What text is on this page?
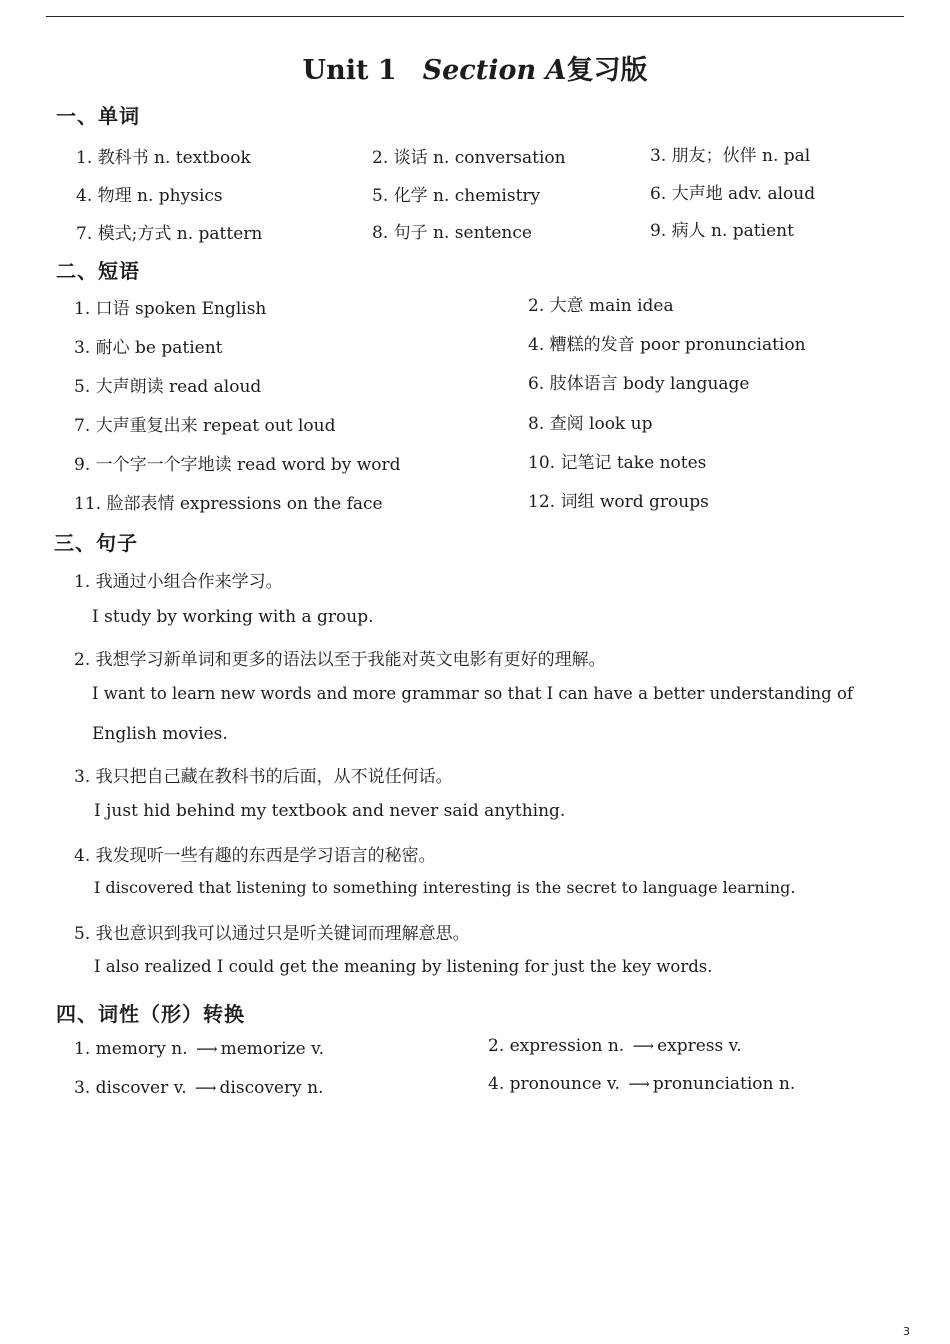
Unit 1 Section A复习版
一、单词
1. 教科书 n. textbook	2. 谈话 n. conversation	3. 朋友；伙伴 n. pal
4. 物理 n. physics	5. 化学 n. chemistry	6. 大声地 adv. aloud
7. 模式;方式 n. pattern	8. 句子 n. sentence	9. 病人 n. patient
二、短语
1. 口语 spoken English	2. 大意 main idea
3. 耐心 be patient	4. 糟糕的发音 poor pronunciation
5. 大声朗读 read aloud	6. 肢体语言 body language
7. 大声重复出来 repeat out loud	8. 查阅 look up
9. 一个字一个字地读 read word by word	10. 记笔记 take notes
11. 脸部表情 expressions on the face	12. 词组 word groups
三、句子
1. 我通过小组合作来学习。
I study by working with a group.
2. 我想学习新单词和更多的语法以至于我能对英文电影有更好的理解。
I want to learn new words and more grammar so that I can have a better understanding of
English movies.
3. 我只把自己藏在教科书的后面，从不说任何话。
I just hid behind my textbook and never said anything.
4. 我发现听一些有趣的东西是学习语言的秘密。
I discovered that listening to something interesting is the secret to language learning.
5. 我也意识到我可以通过只是听关键词而理解意思。
I also realized I could get the meaning by listening for just the key words.
四、词性（形）转换
1. memory n. ⟶ memorize v.	2. expression n. ⟶ express v.
3. discover v. ⟶ discovery n.	4. pronounce v. ⟶ pronunciation n.
3
